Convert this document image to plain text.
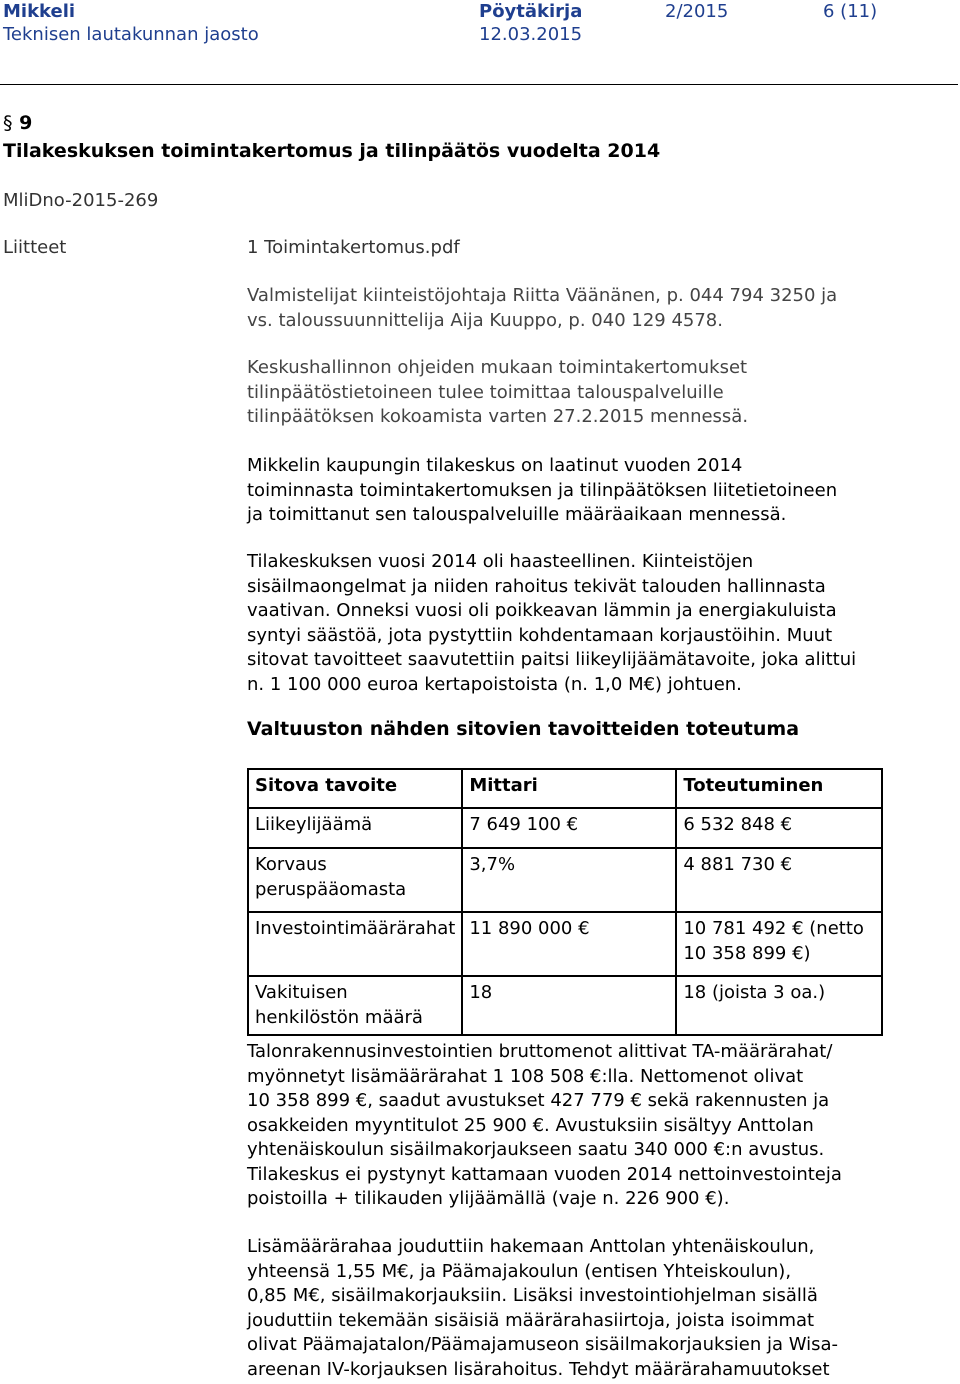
Mikkeli
Teknisen lautakunnan jaosto
Pöytäkirja
12.03.2015
2/2015	6 (11)
§ 9
Tilakeskuksen toimintakertomus ja tilinpäätös vuodelta 2014
MliDno-2015-269
Liitteet	1 Toimintakertomus.pdf

Valmistelijat kiinteistöjohtaja Riitta Väänänen, p. 044 794 3250 ja

vs. taloussuunnittelija Aija Kuuppo, p. 040 129 4578.

Keskushallinnon ohjeiden mukaan toimintakertomukset

tilinpäätöstietoineen tulee toimittaa talouspalveluille

tilinpäätöksen kokoamista varten 27.2.2015 mennessä.

Mikkelin kaupungin tilakeskus on laatinut vuoden 2014

toiminnasta toimintakertomuksen ja tilinpäätöksen liitetietoineen

ja toimittanut sen talouspalveluille määräaikaan mennessä.

Tilakeskuksen vuosi 2014 oli haasteellinen. Kiinteistöjen

sisäilmaongelmat ja niiden rahoitus tekivät talouden hallinnasta

vaativan. Onneksi vuosi oli poikkeavan lämmin ja energiakuluista

syntyi säästöä, jota pystyttiin kohdentamaan korjaustöihin. Muut

sitovat tavoitteet saavutettiin paitsi liikeylijäämätavoite, joka alittui

n. 1 100 000 euroa kertapoistoista (n. 1,0 M€) johtuen.

Valtuuston nähden sitovien tavoitteiden toteutuma
Sitova tavoite	Mittari	Toteutuminen

Liikeylijäämä	7 649 100 €	6 532 848 €

Korvaus
peruspääomasta	3,7%	4 881 730 €

Investointimäärärahat	11 890 000 €	10 781 492 € (netto
10 358 899 €)

Vakituisen
henkilöstön määrä	18	18 (joista 3 oa.)

Talonrakennusinvestointien bruttomenot alittivat TA-määrärahat/

myönnetyt lisämäärärahat 1 108 508 €:lla. Nettomenot olivat

10 358 899 €, saadut avustukset 427 779 € sekä rakennusten ja

osakkeiden myyntitulot 25 900 €. Avustuksiin sisältyy Anttolan

yhtenäiskoulun sisäilmakorjaukseen saatu 340 000 €:n avustus.

Tilakeskus ei pystynyt kattamaan vuoden 2014 nettoinvestointeja

poistoilla + tilikauden ylijäämällä (vaje n. 226 900 €).

Lisämäärärahaa jouduttiin hakemaan Anttolan yhtenäiskoulun,

yhteensä 1,55 M€, ja Päämajakoulun (entisen Yhteiskoulun),

0,85 M€, sisäilmakorjauksiin. Lisäksi investointiohjelman sisällä

jouduttiin tekemään sisäisiä määrärahasiirtoja, joista isoimmat

olivat Päämajatalon/Päämajamuseon sisäilmakorjauksien ja Wisa-

areenan IV-korjauksen lisärahoitus. Tehdyt määrärahamuutokset
